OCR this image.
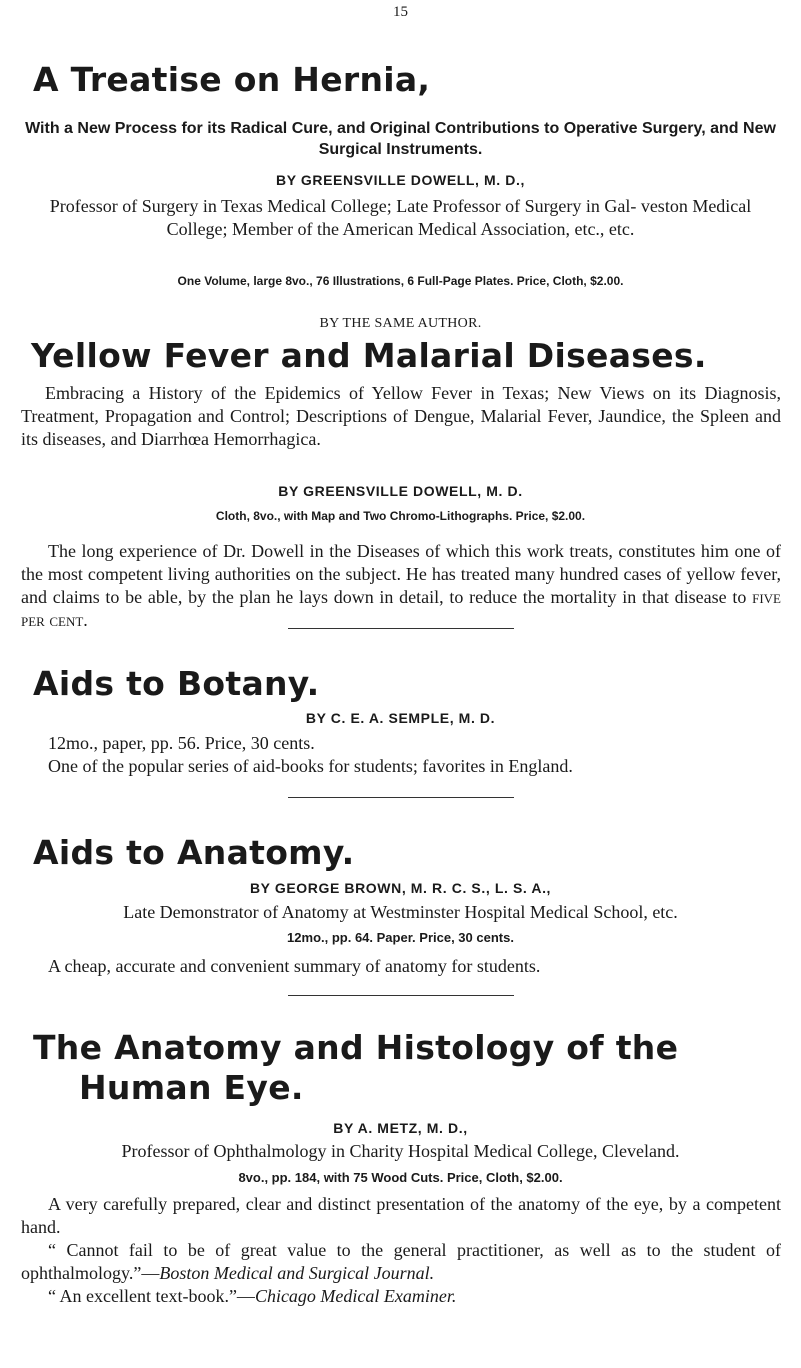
15
A Treatise on Hernia,
With a New Process for its Radical Cure, and Original Contributions to Operative Surgery, and New Surgical Instruments.
BY GREENSVILLE DOWELL, M. D.,
Professor of Surgery in Texas Medical College; Late Professor of Surgery in Gal- veston Medical College; Member of the American Medical Association, etc., etc.
One Volume, large 8vo., 76 Illustrations, 6 Full-Page Plates. Price, Cloth, $2.00.
BY THE SAME AUTHOR.
Yellow Fever and Malarial Diseases.
Embracing a History of the Epidemics of Yellow Fever in Texas; New Views on its Diagnosis, Treatment, Propagation and Control; Descriptions of Dengue, Malarial Fever, Jaundice, the Spleen and its diseases, and Diarrhœa Hemorrhagica.
BY GREENSVILLE DOWELL, M. D.
Cloth, 8vo., with Map and Two Chromo-Lithographs. Price, $2.00.
The long experience of Dr. Dowell in the Diseases of which this work treats, constitutes him one of the most competent living authorities on the subject. He has treated many hundred cases of yellow fever, and claims to be able, by the plan he lays down in detail, to reduce the mortality in that disease to five per cent.
Aids to Botany.
BY C. E. A. SEMPLE, M. D.
12mo., paper, pp. 56. Price, 30 cents.
One of the popular series of aid-books for students; favorites in England.
Aids to Anatomy.
BY GEORGE BROWN, M. R. C. S., L. S. A.,
Late Demonstrator of Anatomy at Westminster Hospital Medical School, etc.
12mo., pp. 64. Paper. Price, 30 cents.
A cheap, accurate and convenient summary of anatomy for students.
The Anatomy and Histology of the
Human Eye.
BY A. METZ, M. D.,
Professor of Ophthalmology in Charity Hospital Medical College, Cleveland.
8vo., pp. 184, with 75 Wood Cuts. Price, Cloth, $2.00.
A very carefully prepared, clear and distinct presentation of the anatomy of the eye, by a competent hand.
“ Cannot fail to be of great value to the general practitioner, as well as to the student of ophthalmology.”—Boston Medical and Surgical Journal.
“ An excellent text-book.”—Chicago Medical Examiner.
